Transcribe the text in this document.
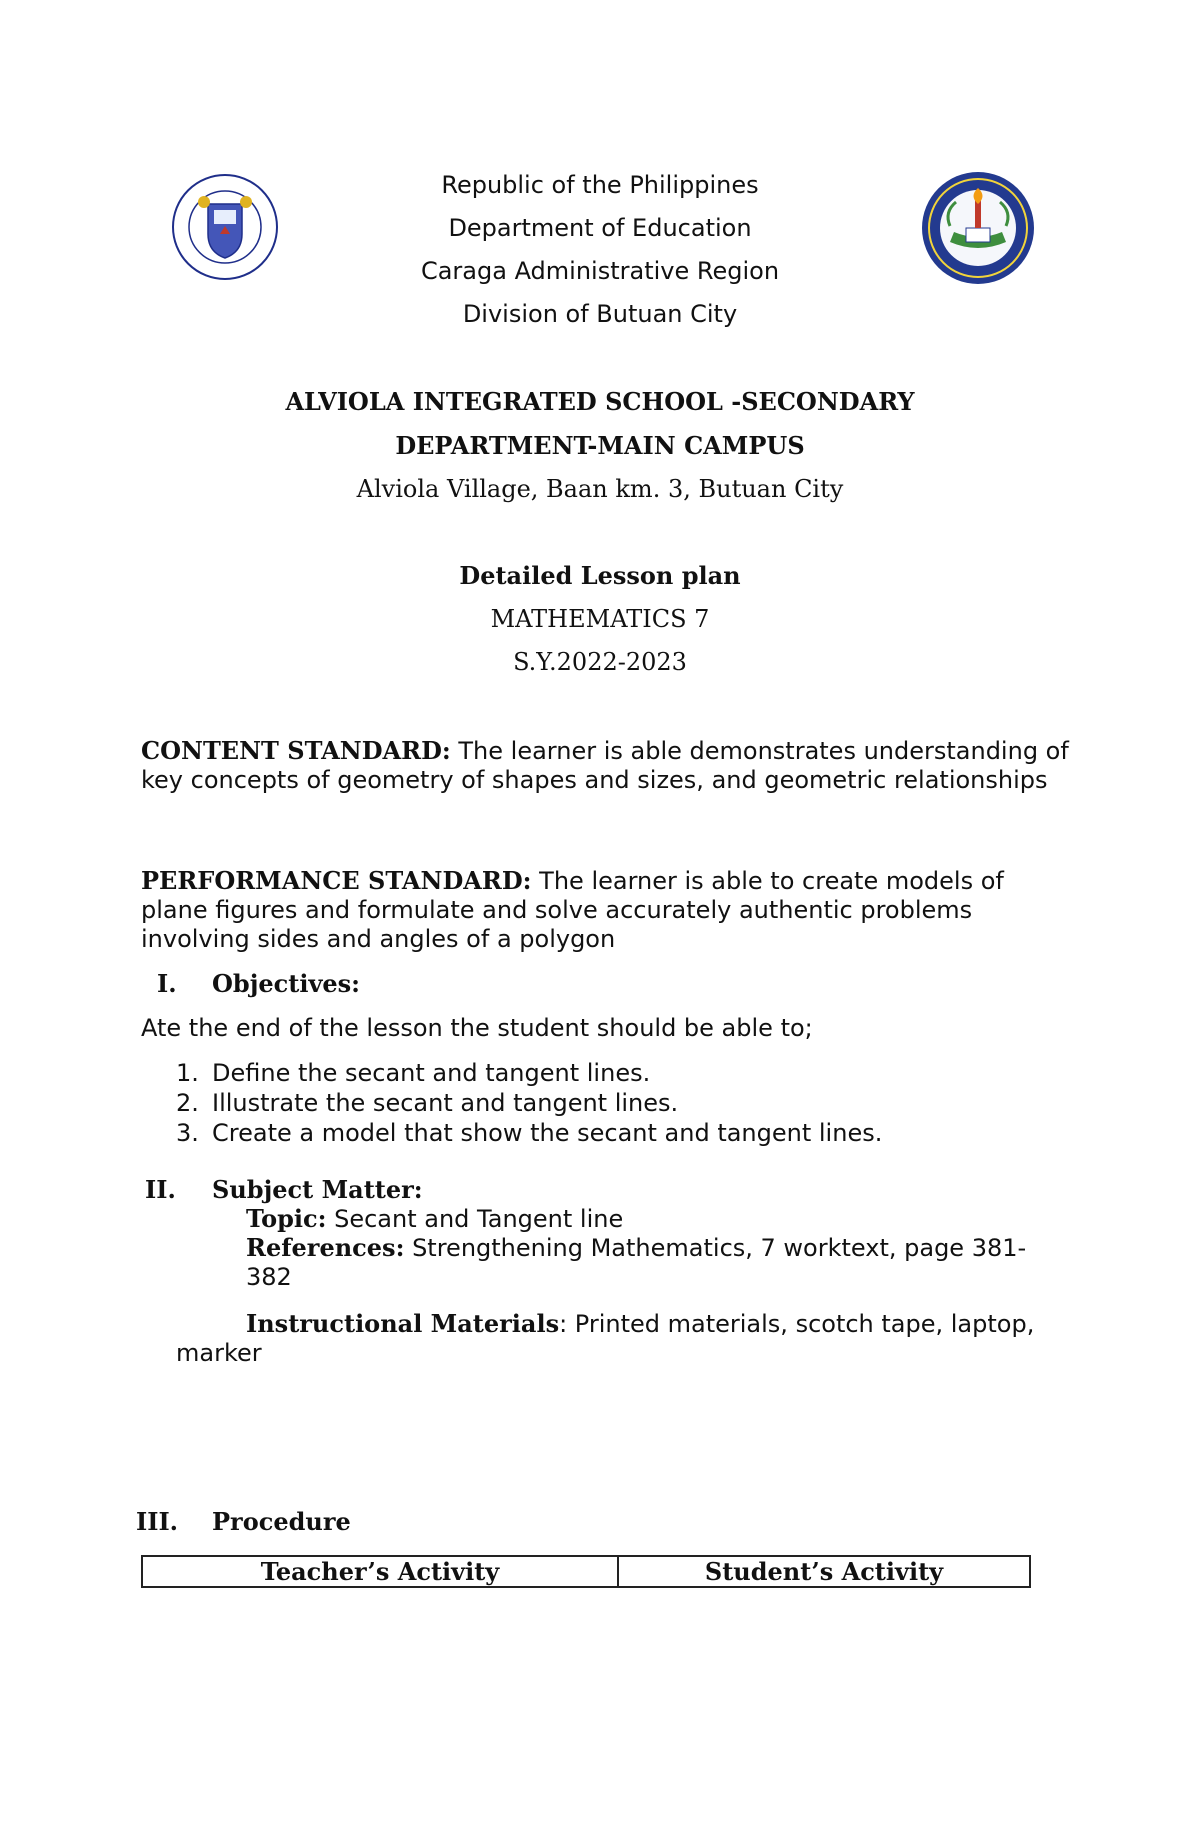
Republic of the Philippines
Department of Education
Caraga Administrative Region
Division of Butuan City
ALVIOLA INTEGRATED SCHOOL -SECONDARY
DEPARTMENT-MAIN CAMPUS
Alviola Village, Baan km. 3, Butuan City
Detailed Lesson plan
MATHEMATICS 7
S.Y.2022-2023
CONTENT STANDARD: The learner is able demonstrates understanding of key concepts of geometry of shapes and sizes, and geometric relationships
PERFORMANCE STANDARD: The learner is able to create models of plane figures and formulate and solve accurately authentic problems involving sides and angles of a polygon
I. Objectives:
Ate the end of the lesson the student should be able to;
1. Define the secant and tangent lines.
2. Illustrate the secant and tangent lines.
3. Create a model that show the secant and tangent lines.
II. Subject Matter:
Topic: Secant and Tangent line
References: Strengthening Mathematics, 7 worktext, page 381-382
Instructional Materials: Printed materials, scotch tape, laptop, marker
III. Procedure
Teacher’s Activity	Student’s Activity
